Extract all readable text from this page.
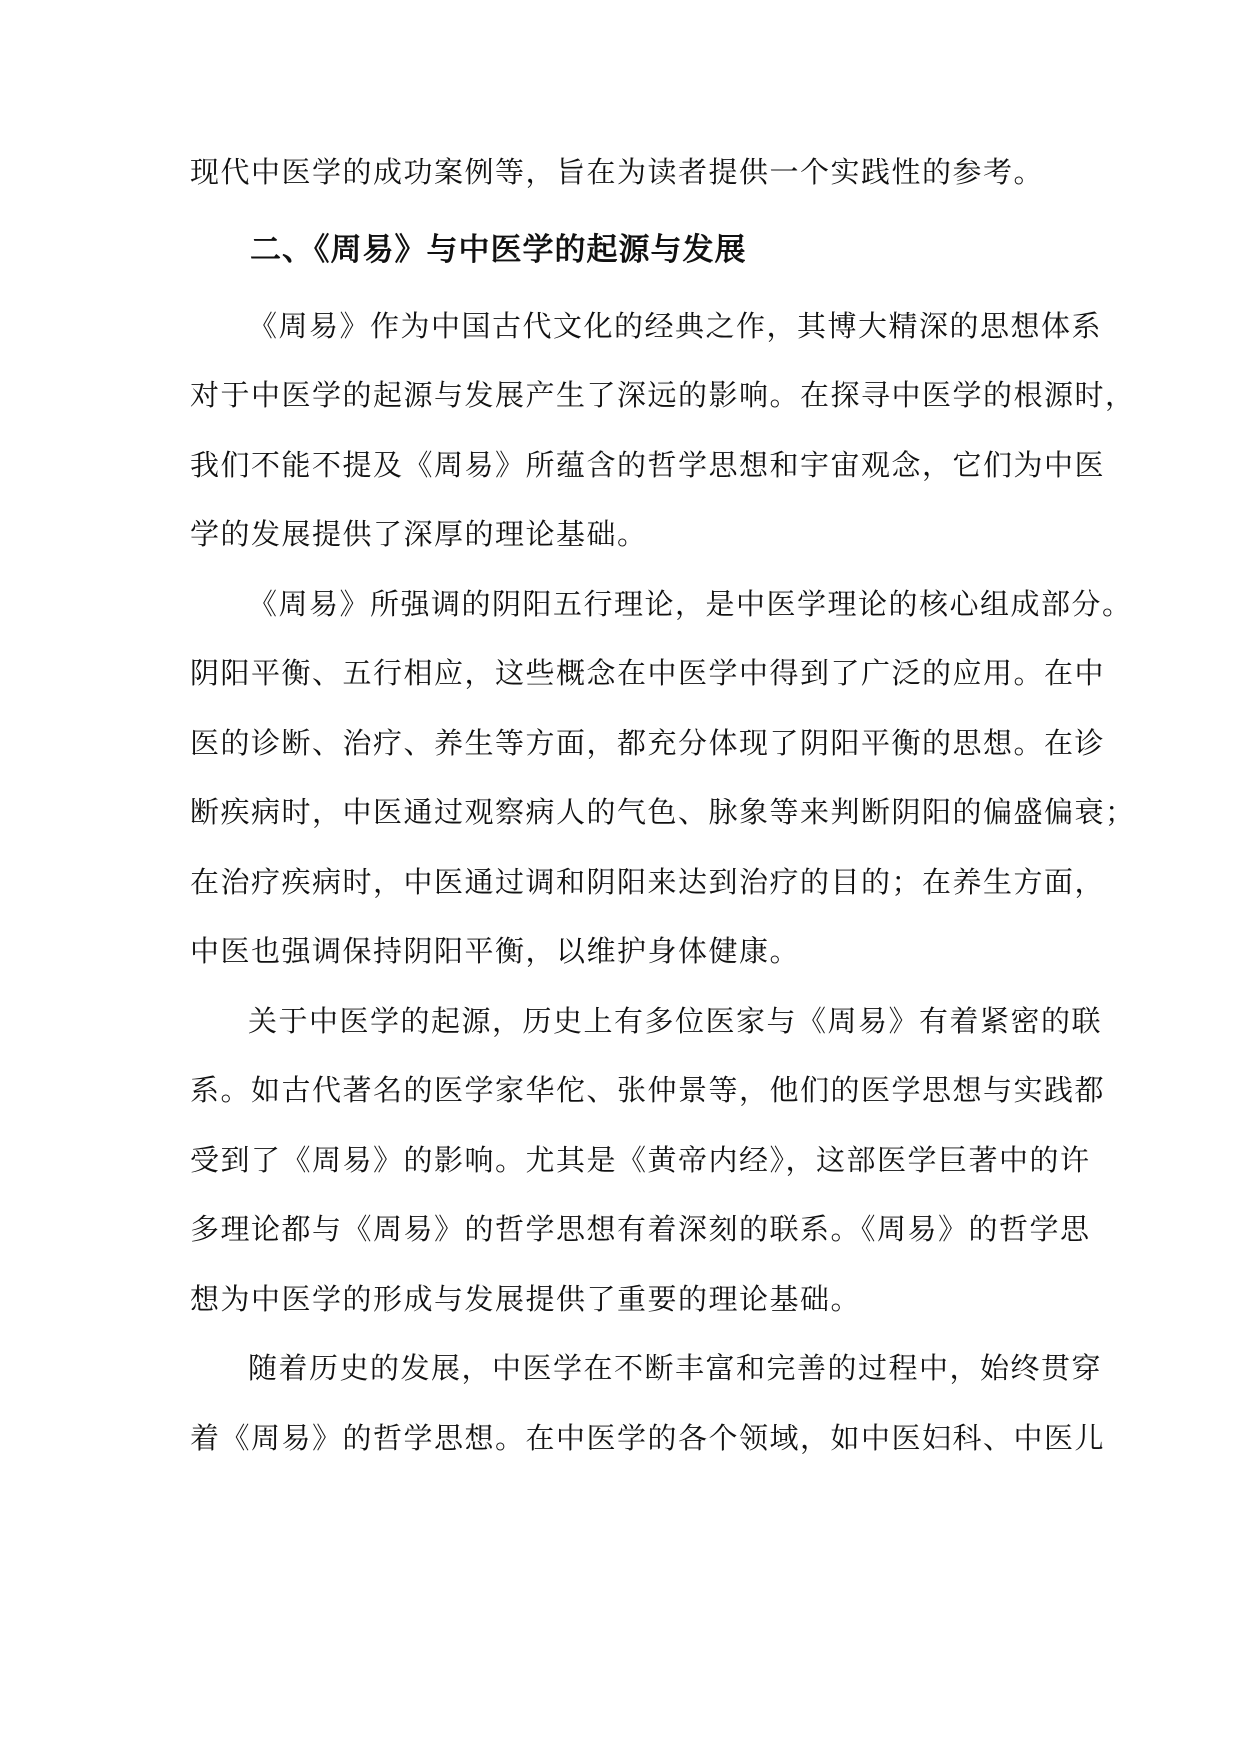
现代中医学的成功案例等，旨在为读者提供一个实践性的参考。
二、《周易》与中医学的起源与发展
《周易》作为中国古代文化的经典之作，其博大精深的思想体系
对于中医学的起源与发展产生了深远的影响。在探寻中医学的根源时，
我们不能不提及《周易》所蕴含的哲学思想和宇宙观念，它们为中医
学的发展提供了深厚的理论基础。
《周易》所强调的阴阳五行理论，是中医学理论的核心组成部分。
阴阳平衡、五行相应，这些概念在中医学中得到了广泛的应用。在中
医的诊断、治疗、养生等方面，都充分体现了阴阳平衡的思想。在诊
断疾病时，中医通过观察病人的气色、脉象等来判断阴阳的偏盛偏衰；
在治疗疾病时，中医通过调和阴阳来达到治疗的目的；在养生方面，
中医也强调保持阴阳平衡，以维护身体健康。
关于中医学的起源，历史上有多位医家与《周易》有着紧密的联
系。如古代著名的医学家华佗、张仲景等，他们的医学思想与实践都
受到了《周易》的影响。尤其是《黄帝内经》，这部医学巨著中的许
多理论都与《周易》的哲学思想有着深刻的联系。《周易》的哲学思
想为中医学的形成与发展提供了重要的理论基础。
随着历史的发展，中医学在不断丰富和完善的过程中，始终贯穿
着《周易》的哲学思想。在中医学的各个领域，如中医妇科、中医儿
